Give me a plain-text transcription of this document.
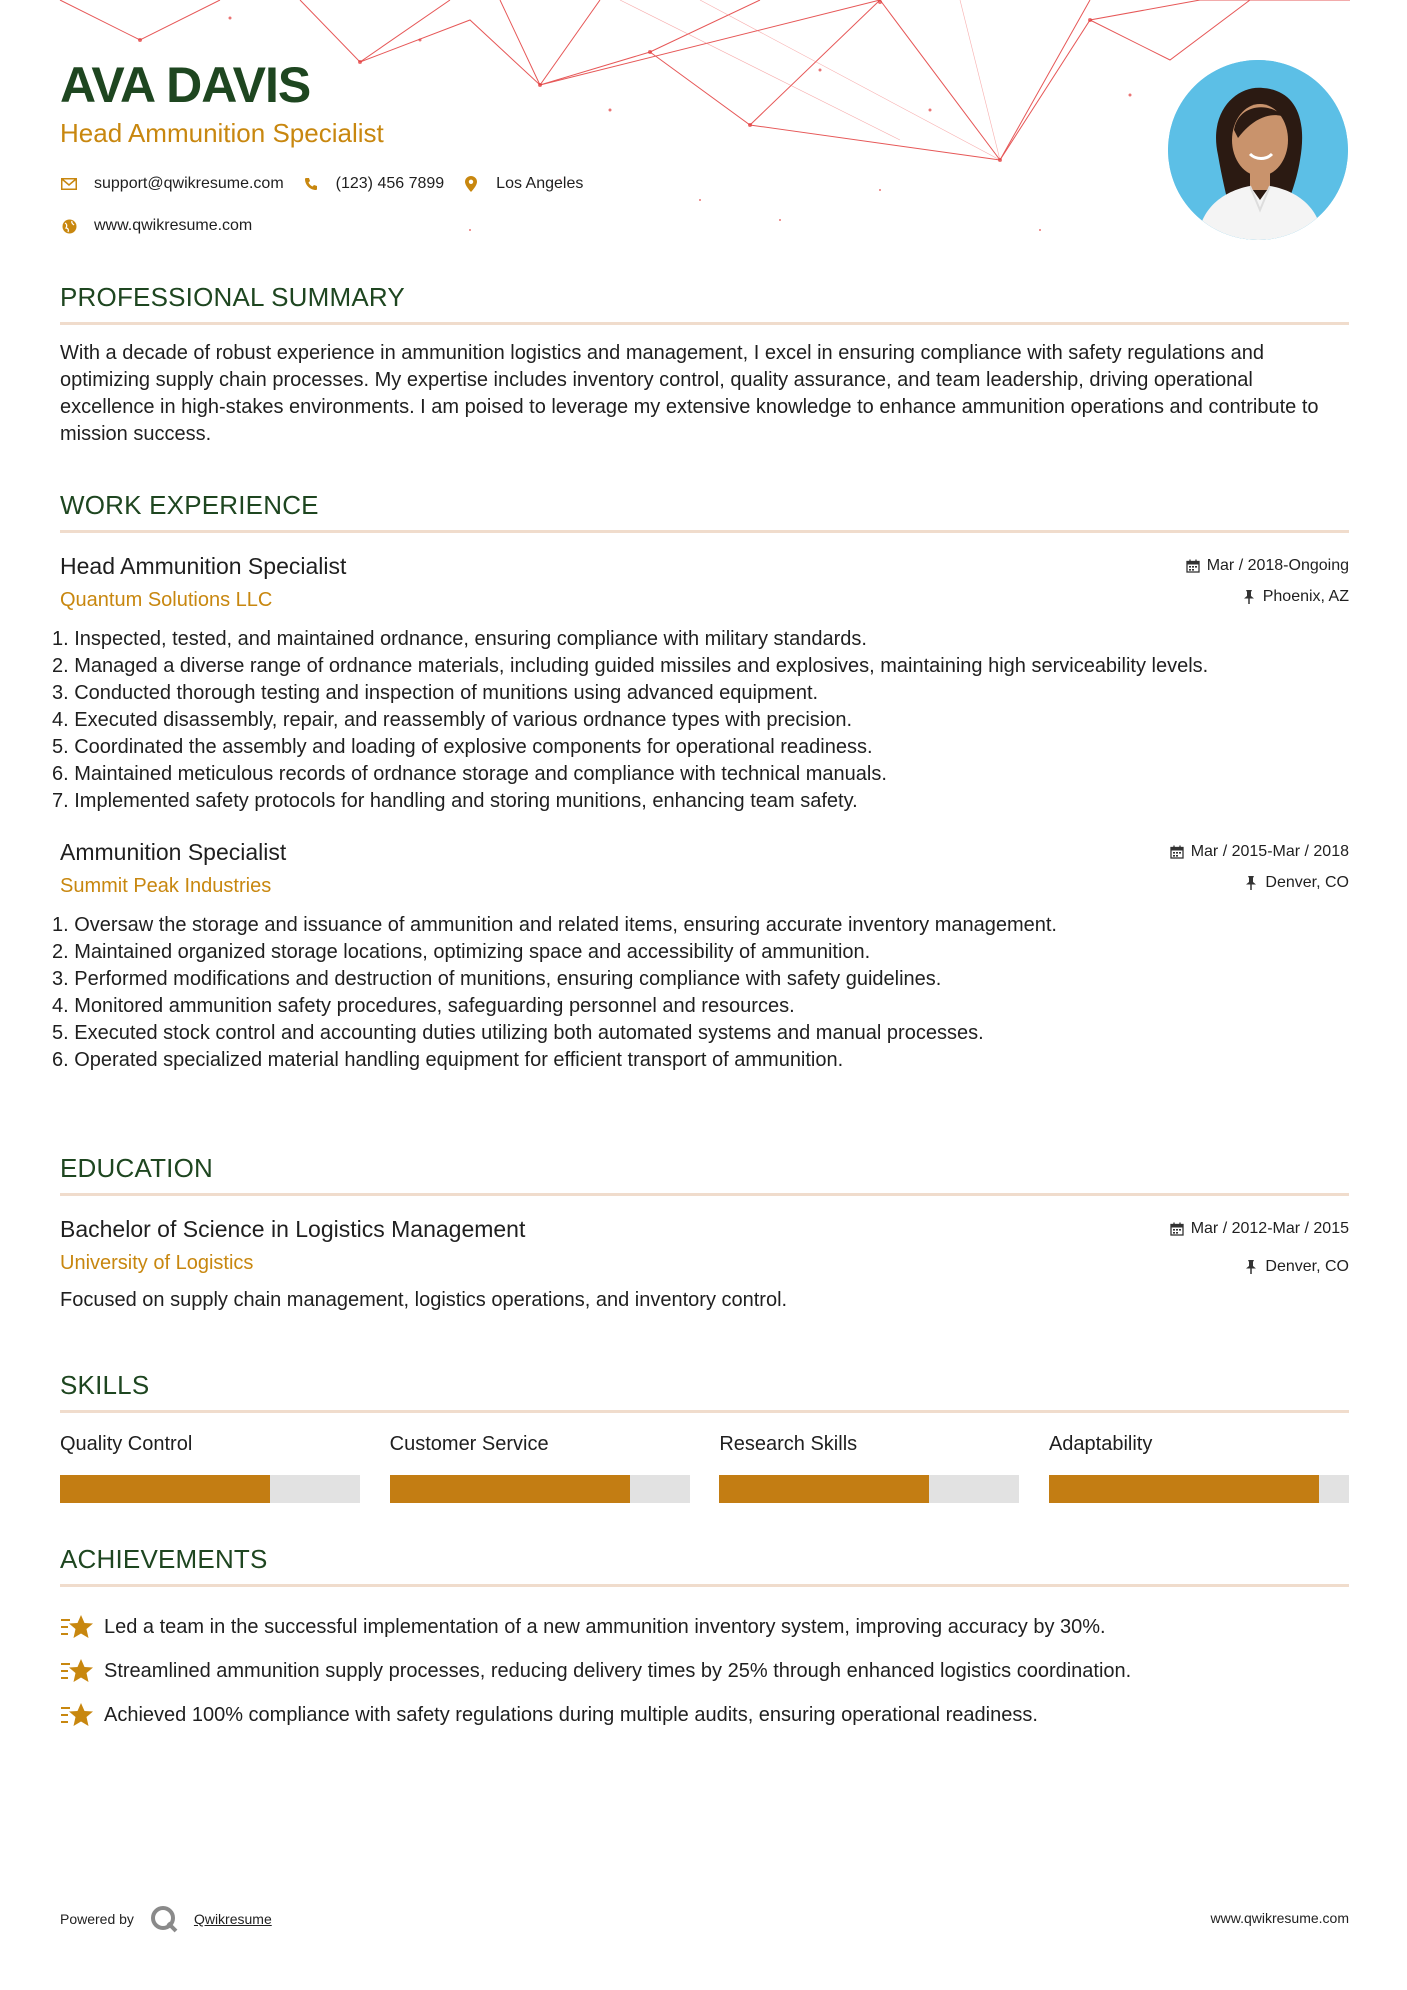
AVA DAVIS
Head Ammunition Specialist
support@qwikresume.com	(123) 456 7899	Los Angeles
www.qwikresume.com
PROFESSIONAL SUMMARY
With a decade of robust experience in ammunition logistics and management, I excel in ensuring compliance with safety regulations and optimizing supply chain processes. My expertise includes inventory control, quality assurance, and team leadership, driving operational excellence in high-stakes environments. I am poised to leverage my extensive knowledge to enhance ammunition operations and contribute to mission success.
WORK EXPERIENCE
Head Ammunition Specialist
Quantum Solutions LLC
Mar / 2018-Ongoing
Phoenix, AZ
1. Inspected, tested, and maintained ordnance, ensuring compliance with military standards.
2. Managed a diverse range of ordnance materials, including guided missiles and explosives, maintaining high serviceability levels.
3. Conducted thorough testing and inspection of munitions using advanced equipment.
4. Executed disassembly, repair, and reassembly of various ordnance types with precision.
5. Coordinated the assembly and loading of explosive components for operational readiness.
6. Maintained meticulous records of ordnance storage and compliance with technical manuals.
7. Implemented safety protocols for handling and storing munitions, enhancing team safety.
Ammunition Specialist
Summit Peak Industries
Mar / 2015-Mar / 2018
Denver, CO
1. Oversaw the storage and issuance of ammunition and related items, ensuring accurate inventory management.
2. Maintained organized storage locations, optimizing space and accessibility of ammunition.
3. Performed modifications and destruction of munitions, ensuring compliance with safety guidelines.
4. Monitored ammunition safety procedures, safeguarding personnel and resources.
5. Executed stock control and accounting duties utilizing both automated systems and manual processes.
6. Operated specialized material handling equipment for efficient transport of ammunition.
EDUCATION
Bachelor of Science in Logistics Management
University of Logistics
Mar / 2012-Mar / 2015
Denver, CO
Focused on supply chain management, logistics operations, and inventory control.
SKILLS
Quality Control	Customer Service	Research Skills	Adaptability
ACHIEVEMENTS
Led a team in the successful implementation of a new ammunition inventory system, improving accuracy by 30%.
Streamlined ammunition supply processes, reducing delivery times by 25% through enhanced logistics coordination.
Achieved 100% compliance with safety regulations during multiple audits, ensuring operational readiness.
Powered by	Qwikresume	www.qwikresume.com
